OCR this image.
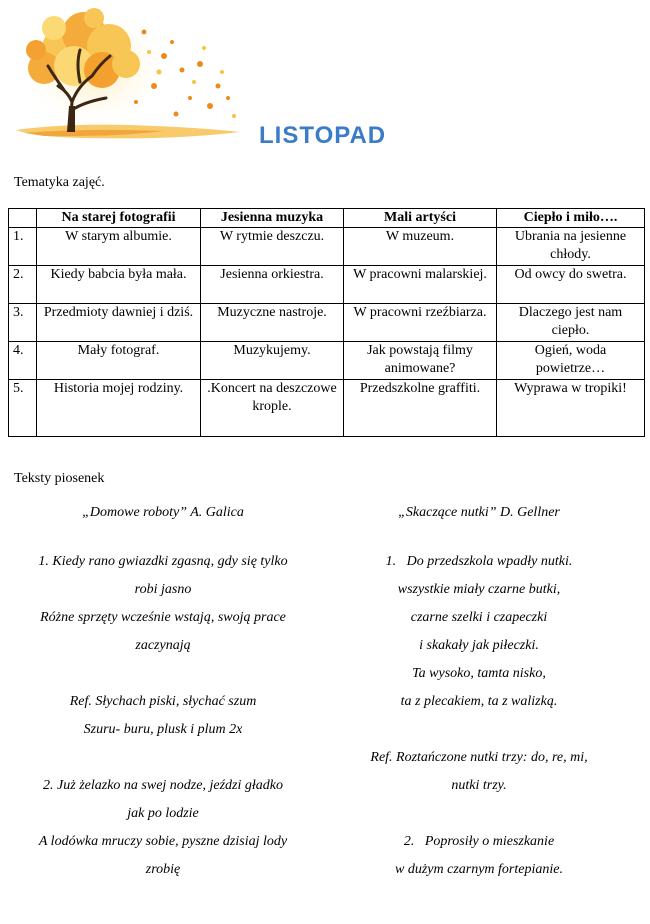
LISTOPAD
Tematyka zajęć.
	Na starej fotografii	Jesienna muzyka	Mali artyści	Ciepło i miło….
1.	W starym albumie.	W rytmie deszczu.	W muzeum.	Ubrania na jesienne chłody.
2.	Kiedy babcia była mała.	Jesienna orkiestra.	W pracowni malarskiej.	Od owcy do swetra.
3.	Przedmioty dawniej i dziś.	Muzyczne nastroje.	W pracowni rzeźbiarza.	Dlaczego jest nam ciepło.
4.	Mały fotograf.	Muzykujemy.	Jak powstają filmy animowane?	Ogień, woda powietrze…
5.	Historia mojej rodziny.	.Koncert na deszczowe krople.	Przedszkolne graffiti.	Wyprawa w tropiki!
Teksty piosenek
„Domowe roboty” A. Galica
1. Kiedy rano gwiazdki zgasną, gdy się tylko
robi jasno
Różne sprzęty wcześnie wstają, swoją prace
zaczynają
Ref. Słychach piski, słychać szum
Szuru- buru, plusk i plum 2x
2. Już żelazko na swej nodze, jeździ gładko
jak po lodzie
A lodówka mruczy sobie, pyszne dzisiaj lody
zrobię
„Skaczące nutki” D. Gellner
1.   Do przedszkola wpadły nutki.
wszystkie miały czarne butki,
czarne szelki i czapeczki
i skakały jak piłeczki.
Ta wysoko, tamta nisko,
ta z plecakiem, ta z walizką.
Ref. Roztańczone nutki trzy: do, re, mi,
nutki trzy.
2.   Poprosiły o mieszkanie
w dużym czarnym fortepianie.
